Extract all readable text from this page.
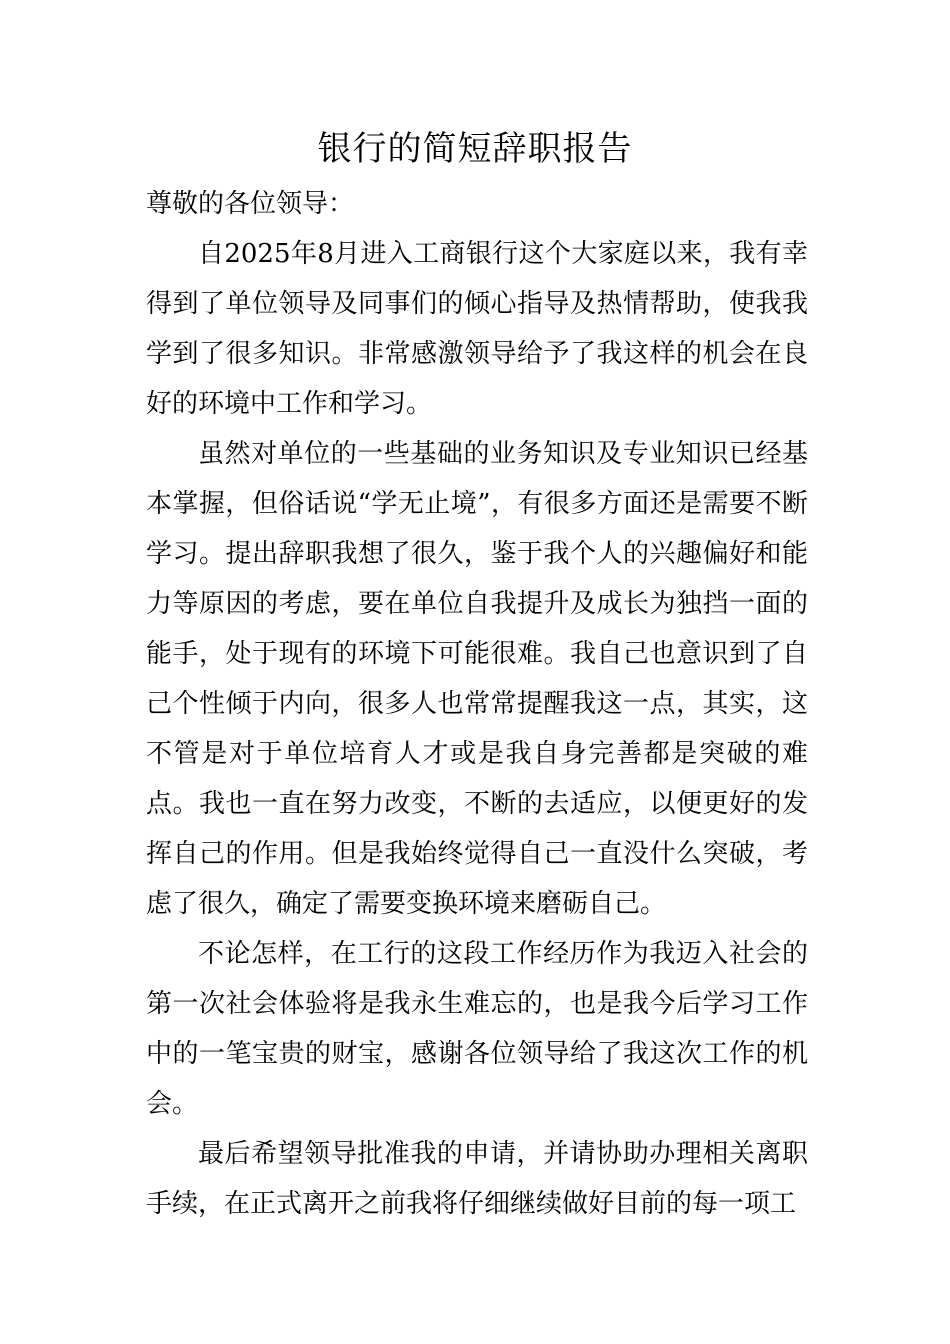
银行的简短辞职报告

尊敬的各位领导：

自2025年8月进入工商银行这个大家庭以来，我有幸得到了单位领导及同事们的倾心指导及热情帮助，使我我学到了很多知识。非常感激领导给予了我这样的机会在良好的环境中工作和学习。

虽然对单位的一些基础的业务知识及专业知识已经基本掌握，但俗话说“学无止境”，有很多方面还是需要不断学习。提出辞职我想了很久，鉴于我个人的兴趣偏好和能力等原因的考虑，要在单位自我提升及成长为独挡一面的能手，处于现有的环境下可能很难。我自己也意识到了自己个性倾于内向，很多人也常常提醒我这一点，其实，这不管是对于单位培育人才或是我自身完善都是突破的难点。我也一直在努力改变，不断的去适应，以便更好的发挥自己的作用。但是我始终觉得自己一直没什么突破，考虑了很久，确定了需要变换环境来磨砺自己。

不论怎样，在工行的这段工作经历作为我迈入社会的第一次社会体验将是我永生难忘的，也是我今后学习工作中的一笔宝贵的财宝，感谢各位领导给了我这次工作的机会。

最后希望领导批准我的申请，并请协助办理相关离职手续，在正式离开之前我将仔细继续做好目前的每一项工
